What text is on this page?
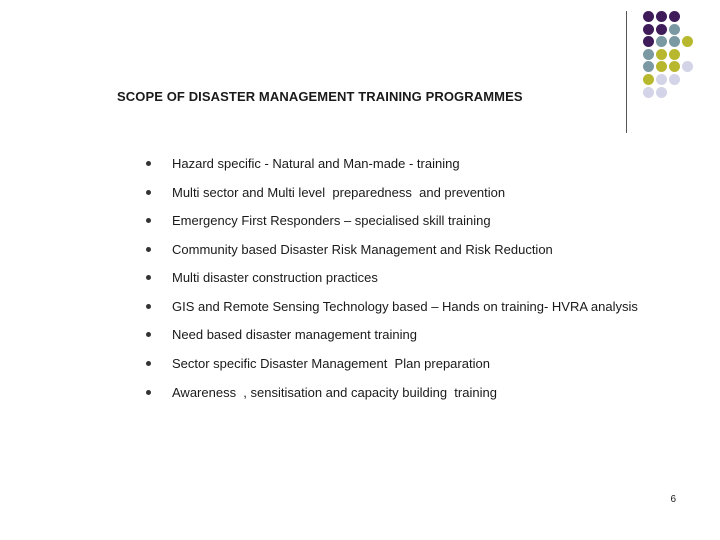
SCOPE OF DISASTER MANAGEMENT TRAINING PROGRAMMES
Hazard specific - Natural and Man-made - training
Multi sector and Multi level  preparedness  and prevention
Emergency First Responders – specialised skill training
Community based Disaster Risk Management and Risk Reduction
Multi disaster construction practices
GIS and Remote Sensing Technology based – Hands on training- HVRA analysis
Need based disaster management training
Sector specific Disaster Management  Plan preparation
Awareness  , sensitisation and capacity building  training
6
